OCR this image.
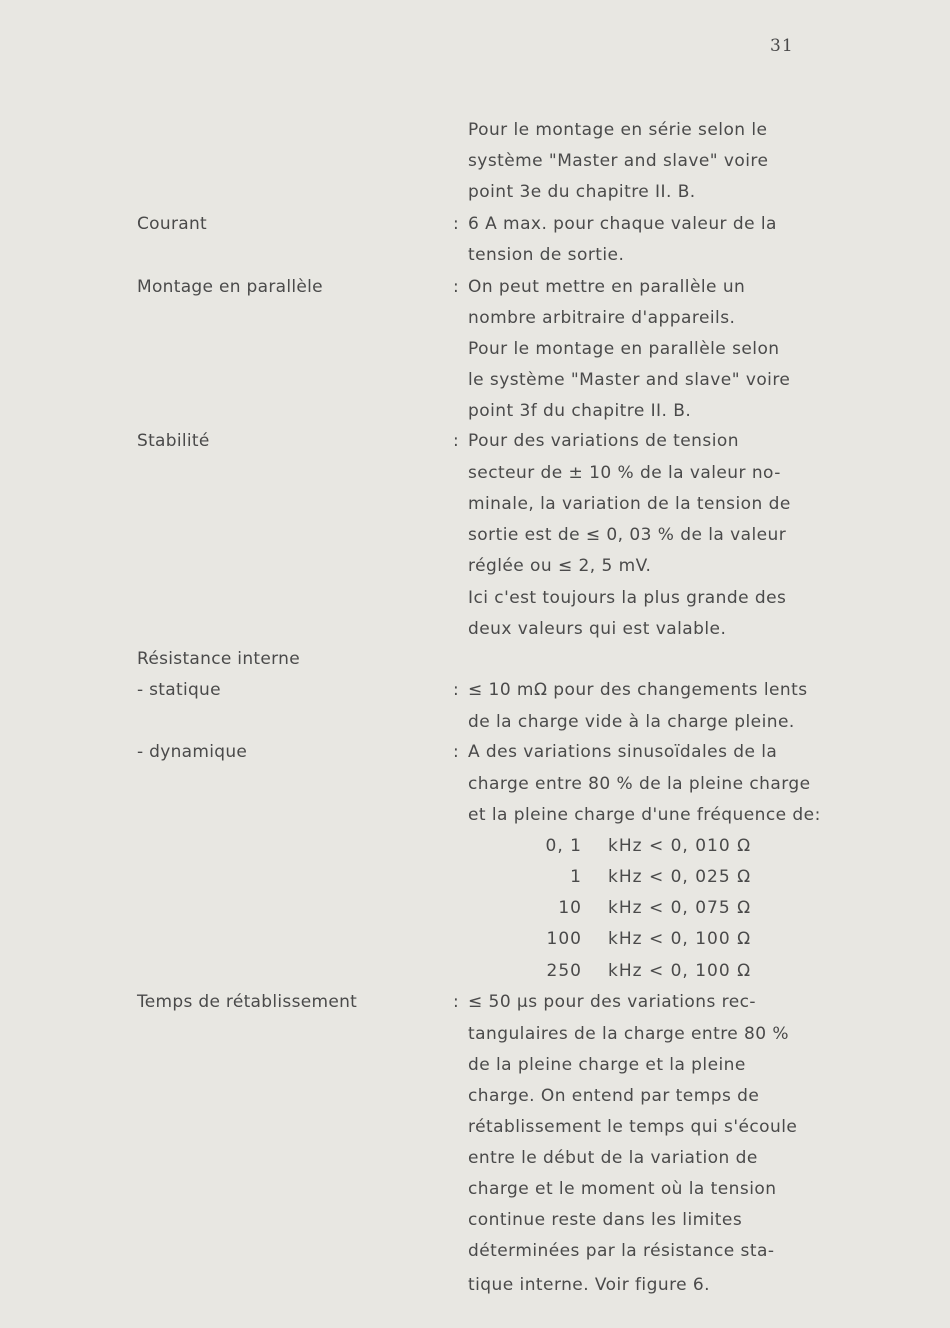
31
Pour le montage en série selon le
système "Master and slave" voire
point 3e du chapitre II. B.
Courant	: 6 A max. pour chaque valeur de la
tension de sortie.
Montage en parallèle	: On peut mettre en parallèle un
nombre arbitraire d'appareils.
Pour le montage en parallèle selon
le système "Master and slave" voire
point 3f du chapitre II. B.
Stabilité	: Pour des variations de tension
secteur de ± 10 % de la valeur no-
minale, la variation de la tension de
sortie est de ≤ 0, 03 % de la valeur
réglée ou ≤ 2, 5 mV.
Ici c'est toujours la plus grande des
deux valeurs qui est valable.
Résistance interne
- statique	: ≤ 10 mΩ pour des changements lents
de la charge vide à la charge pleine.
- dynamique	: A des variations sinusoïdales de la
charge entre 80 % de la pleine charge
et la pleine charge d'une fréquence de:
0, 1 kHz < 0, 010 Ω
1 kHz < 0, 025 Ω
10 kHz < 0, 075 Ω
100 kHz < 0, 100 Ω
250 kHz < 0, 100 Ω
Temps de rétablissement	: ≤ 50 μs pour des variations rec-
tangulaires de la charge entre 80 %
de la pleine charge et la pleine
charge. On entend par temps de
rétablissement le temps qui s'écoule
entre le début de la variation de
charge et le moment où la tension
continue reste dans les limites
déterminées par la résistance sta-
tique interne. Voir figure 6.
